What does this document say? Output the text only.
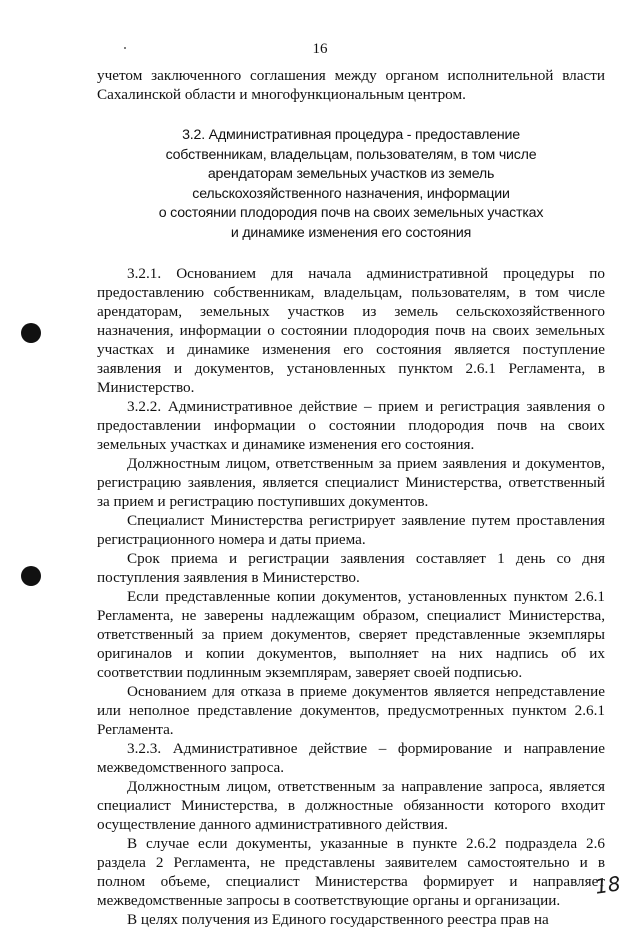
16

учетом заключенного соглашения между органом исполнительной власти Сахалинской области и многофункциональным центром.

3.2. Административная процедура - предоставление
собственникам, владельцам, пользователям, в том числе
арендаторам земельных участков из земель
сельскохозяйственного назначения, информации
о состоянии плодородия почв на своих земельных участках
и динамике изменения его состояния

3.2.1. Основанием для начала административной процедуры по предоставлению собственникам, владельцам, пользователям, в том числе арендаторам, земельных участков из земель сельскохозяйственного назначения, информации о состоянии плодородия почв на своих земельных участках и динамике изменения его состояния является поступление заявления и документов, установленных пунктом 2.6.1 Регламента, в Министерство.

3.2.2. Административное действие – прием и регистрация заявления о предоставлении информации о состоянии плодородия почв на своих земельных участках и динамике изменения его состояния.

Должностным лицом, ответственным за прием заявления и документов, регистрацию заявления, является специалист Министерства, ответственный за прием и регистрацию поступивших документов.

Специалист Министерства регистрирует заявление путем проставления регистрационного номера и даты приема.

Срок приема и регистрации заявления составляет 1 день со дня поступления заявления в Министерство.

Если представленные копии документов, установленных пунктом 2.6.1 Регламента, не заверены надлежащим образом, специалист Министерства, ответственный за прием документов, сверяет представленные экземпляры оригиналов и копии документов, выполняет на них надпись об их соответствии подлинным экземплярам, заверяет своей подписью.

Основанием для отказа в приеме документов является непредставление или неполное представление документов, предусмотренных пунктом 2.6.1 Регламента.

3.2.3. Административное действие – формирование и направление межведомственного запроса.

Должностным лицом, ответственным за направление запроса, является специалист Министерства, в должностные обязанности которого входит осуществление данного административного действия.

В случае если документы, указанные в пункте 2.6.2 подраздела 2.6 раздела 2 Регламента, не представлены заявителем самостоятельно и в полном объеме, специалист Министерства формирует и направляет межведомственные запросы в соответствующие органы и организации.

В целях получения из Единого государственного реестра прав на

18
